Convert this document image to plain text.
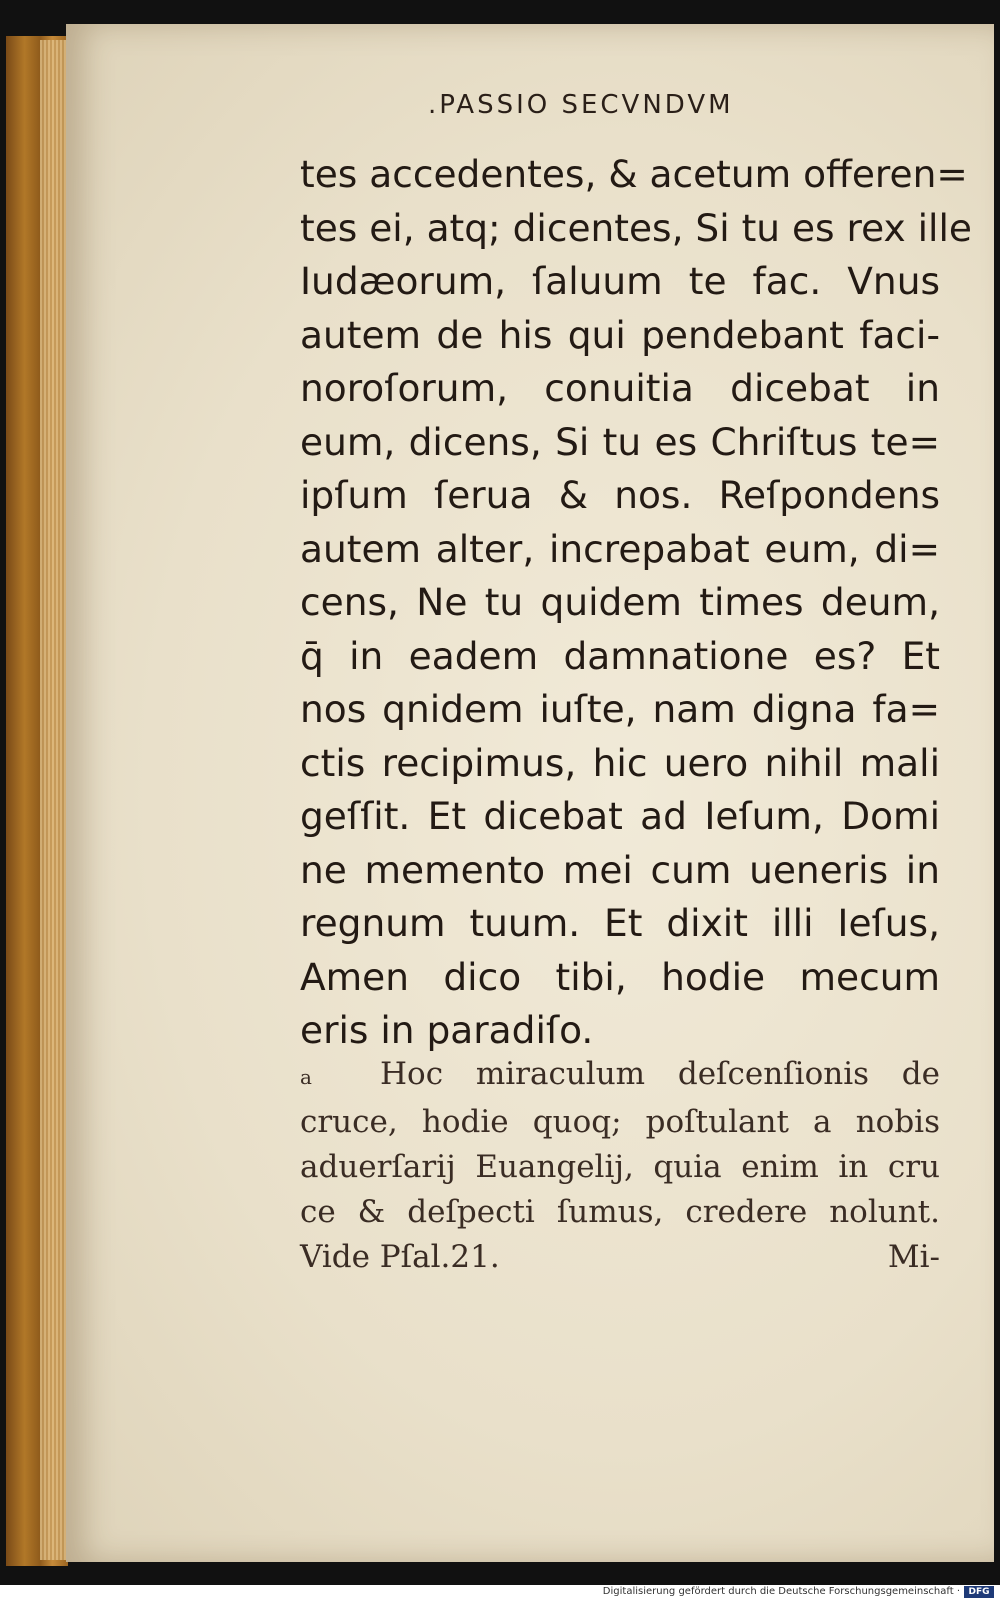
.PASSIO SECVNDVM
tes accedentes, & acetum offeren=
tes ei, atq; dicentes, Si tu es rex ille
Iudæorum, ſaluum te fac. Vnus
autem de his qui pendebant faci-
noroſorum, conuitia dicebat in
eum, dicens, Si tu es Chriſtus te=
ipſum ſerua & nos. Reſpondens
autem alter, increpabat eum, di=
cens, Ne tu quidem times deum,
q̄ in eadem damnatione es? Et
nos qnidem iuſte, nam digna fa=
ctis recipimus, hic uero nihil mali
geſſit. Et dicebat ad Ieſum, Domi
ne memento mei cum ueneris in
regnum tuum. Et dixit illi Ieſus,
Amen dico tibi, hodie mecum
eris in paradiſo.
a Hoc miraculum deſcenſionis de
cruce, hodie quoq; poſtulant a nobis
aduerſarij Euangelij, quia enim in cru
ce & deſpecti ſumus, credere nolunt.
Vide Pſal.21.	Mi-
Digitalisierung gefördert durch die Deutsche Forschungsgemeinschaft · DFG
